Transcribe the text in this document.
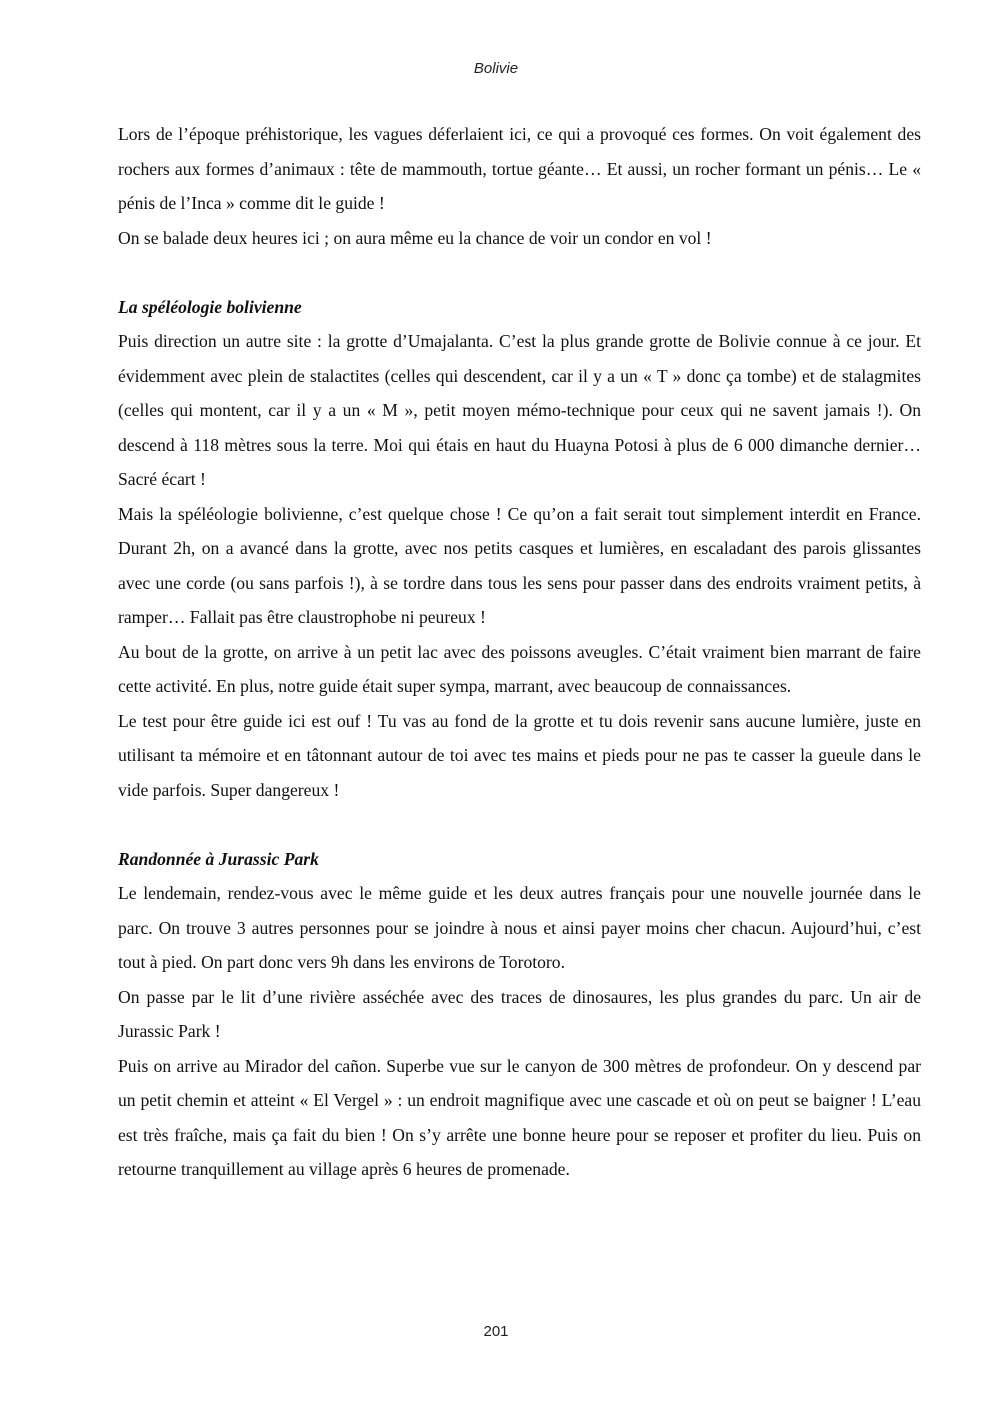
Bolivie

Lors de l’époque préhistorique, les vagues déferlaient ici, ce qui a provoqué ces formes. On voit également des rochers aux formes d’animaux : tête de mammouth, tortue géante… Et aussi, un rocher formant un pénis… Le « pénis de l’Inca » comme dit le guide !

On se balade deux heures ici ; on aura même eu la chance de voir un condor en vol !

La spéléologie bolivienne

Puis direction un autre site : la grotte d’Umajalanta. C’est la plus grande grotte de Bolivie connue à ce jour. Et évidemment avec plein de stalactites (celles qui descendent, car il y a un « T » donc ça tombe) et de stalagmites (celles qui montent, car il y a un « M », petit moyen mémo-technique pour ceux qui ne savent jamais !). On descend à 118 mètres sous la terre. Moi qui étais en haut du Huayna Potosi à plus de 6 000 dimanche dernier… Sacré écart !

Mais la spéléologie bolivienne, c’est quelque chose ! Ce qu’on a fait serait tout simplement interdit en France. Durant 2h, on a avancé dans la grotte, avec nos petits casques et lumières, en escaladant des parois glissantes avec une corde (ou sans parfois !), à se tordre dans tous les sens pour passer dans des endroits vraiment petits, à ramper… Fallait pas être claustrophobe ni peureux !

Au bout de la grotte, on arrive à un petit lac avec des poissons aveugles. C’était vraiment bien marrant de faire cette activité. En plus, notre guide était super sympa, marrant, avec beaucoup de connaissances.

Le test pour être guide ici est ouf ! Tu vas au fond de la grotte et tu dois revenir sans aucune lumière, juste en utilisant ta mémoire et en tâtonnant autour de toi avec tes mains et pieds pour ne pas te casser la gueule dans le vide parfois. Super dangereux !

Randonnée à Jurassic Park

Le lendemain, rendez-vous avec le même guide et les deux autres français pour une nouvelle journée dans le parc. On trouve 3 autres personnes pour se joindre à nous et ainsi payer moins cher chacun. Aujourd’hui, c’est tout à pied. On part donc vers 9h dans les environs de Torotoro.

On passe par le lit d’une rivière asséchée avec des traces de dinosaures, les plus grandes du parc. Un air de Jurassic Park !

Puis on arrive au Mirador del cañon. Superbe vue sur le canyon de 300 mètres de profondeur. On y descend par un petit chemin et atteint « El Vergel » : un endroit magnifique avec une cascade et où on peut se baigner ! L’eau est très fraîche, mais ça fait du bien ! On s’y arrête une bonne heure pour se reposer et profiter du lieu. Puis on retourne tranquillement au village après 6 heures de promenade.

201
